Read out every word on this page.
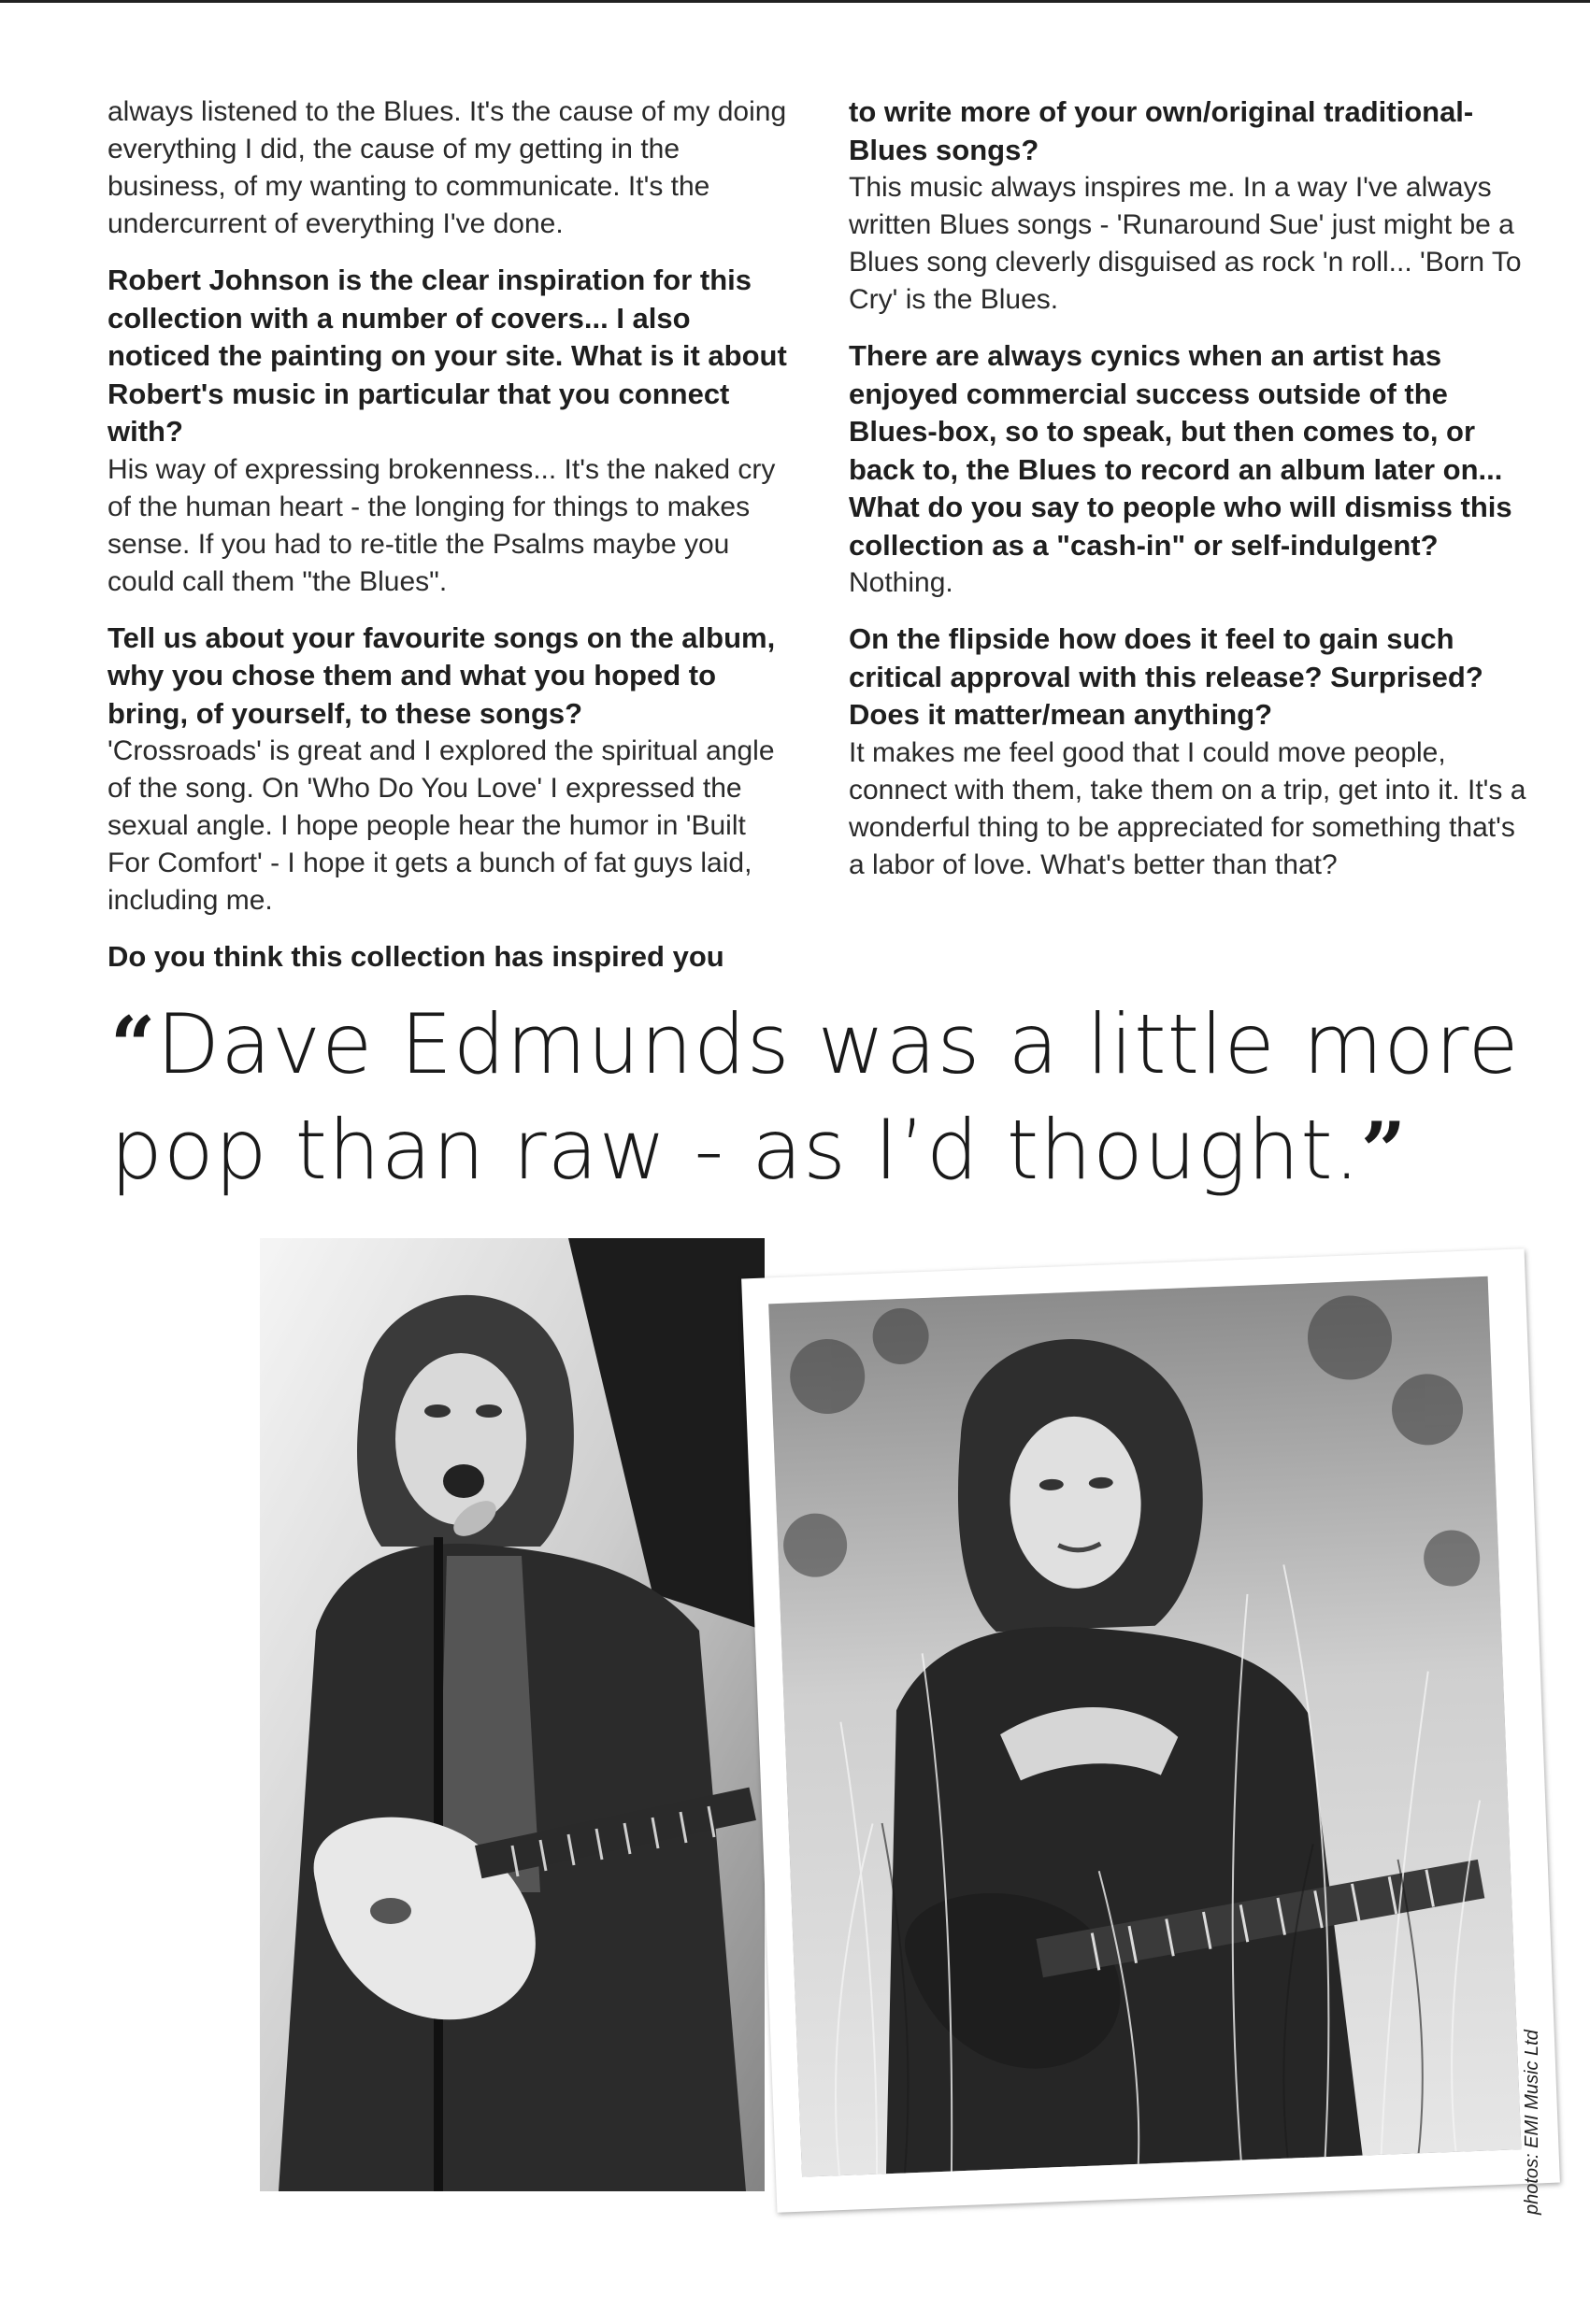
always listened to the Blues. It's the cause of my doing everything I did, the cause of my getting in the business, of my wanting to communicate. It's the undercurrent of everything I've done.

Robert Johnson is the clear inspiration for this collection with a number of covers... I also noticed the painting on your site. What is it about Robert's music in particular that you connect with?

His way of expressing brokenness... It's the naked cry of the human heart - the longing for things to makes sense. If you had to re-title the Psalms maybe you could call them "the Blues".

Tell us about your favourite songs on the album, why you chose them and what you hoped to bring, of yourself, to these songs?

'Crossroads' is great and I explored the spiritual angle of the song. On 'Who Do You Love' I expressed the sexual angle. I hope people hear the humor in 'Built For Comfort' - I hope it gets a bunch of fat guys laid, including me.

Do you think this collection has inspired you

to write more of your own/original traditional-Blues songs?

This music always inspires me. In a way I've always written Blues songs - 'Runaround Sue' just might be a Blues song cleverly disguised as rock 'n roll... 'Born To Cry' is the Blues.

There are always cynics when an artist has enjoyed commercial success outside of the Blues-box, so to speak, but then comes to, or back to, the Blues to record an album later on... What do you say to people who will dismiss this collection as a "cash-in" or self-indulgent?

Nothing.

On the flipside how does it feel to gain such critical approval with this release? Surprised? Does it matter/mean anything?

It makes me feel good that I could move people, connect with them, take them on a trip, get into it. It's a wonderful thing to be appreciated for something that's a labor of love. What's better than that?

“Dave Edmunds was a little more
pop than raw - as I’d thought.”
photos: EMI Music Ltd
